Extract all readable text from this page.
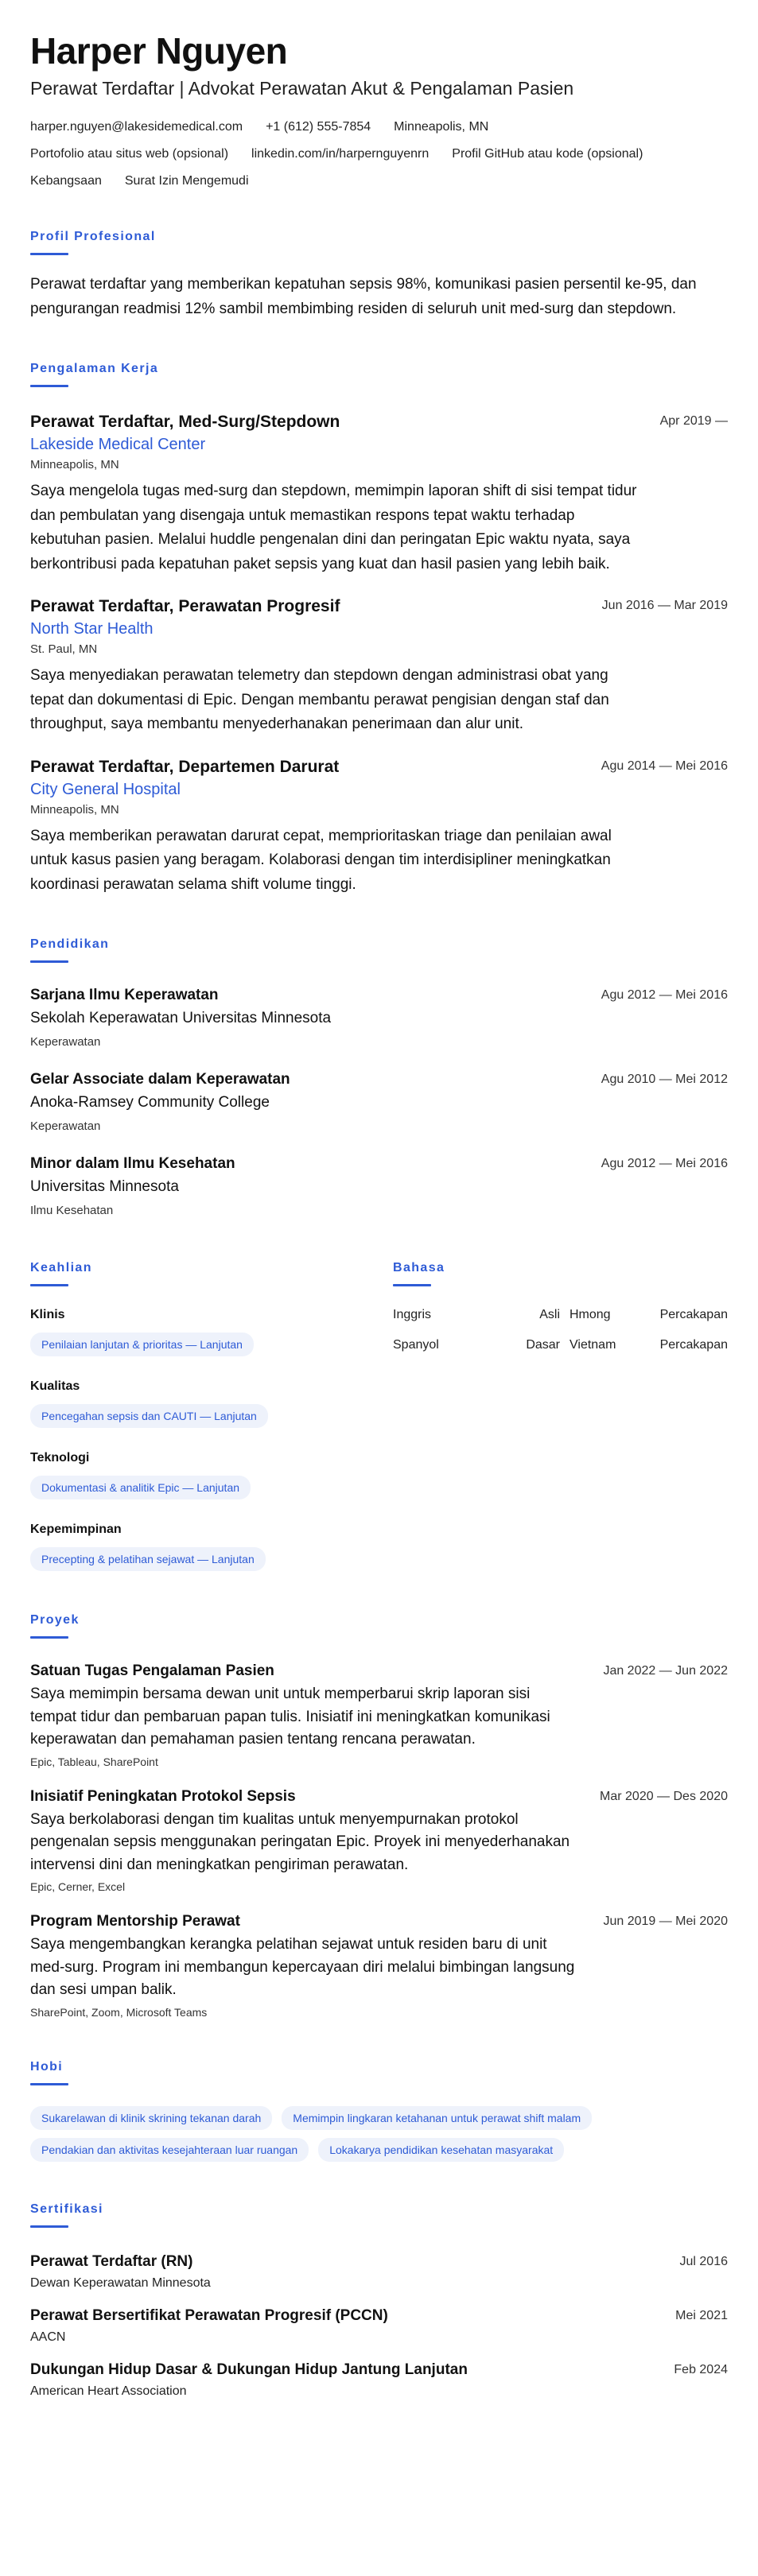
Harper Nguyen
Perawat Terdaftar | Advokat Perawatan Akut & Pengalaman Pasien
harper.nguyen@lakesidemedical.com +1 (612) 555-7854 Minneapolis, MN
Portofolio atau situs web (opsional) linkedin.com/in/harpernguyenrn Profil GitHub atau kode (opsional)
Kebangsaan Surat Izin Mengemudi
Profil Profesional

Perawat terdaftar yang memberikan kepatuhan sepsis 98%, komunikasi pasien persentil ke-95, dan pengurangan readmisi 12% sambil membimbing residen di seluruh unit med-surg dan stepdown.

Pengalaman Kerja
Perawat Terdaftar, Med-Surg/Stepdown	Apr 2019 —
Lakeside Medical Center
Minneapolis, MN

Saya mengelola tugas med-surg dan stepdown, memimpin laporan shift di sisi tempat tidur dan pembulatan yang disengaja untuk memastikan respons tepat waktu terhadap kebutuhan pasien. Melalui huddle pengenalan dini dan peringatan Epic waktu nyata, saya berkontribusi pada kepatuhan paket sepsis yang kuat dan hasil pasien yang lebih baik.

Perawat Terdaftar, Perawatan Progresif	Jun 2016 — Mar 2019
North Star Health
St. Paul, MN

Saya menyediakan perawatan telemetry dan stepdown dengan administrasi obat yang tepat dan dokumentasi di Epic. Dengan membantu perawat pengisian dengan staf dan throughput, saya membantu menyederhanakan penerimaan dan alur unit.

Perawat Terdaftar, Departemen Darurat	Agu 2014 — Mei 2016
City General Hospital
Minneapolis, MN

Saya memberikan perawatan darurat cepat, memprioritaskan triage dan penilaian awal untuk kasus pasien yang beragam. Kolaborasi dengan tim interdisipliner meningkatkan koordinasi perawatan selama shift volume tinggi.

Pendidikan
Sarjana Ilmu Keperawatan	Agu 2012 — Mei 2016
Sekolah Keperawatan Universitas Minnesota
Keperawatan
Gelar Associate dalam Keperawatan	Agu 2010 — Mei 2012
Anoka-Ramsey Community College
Keperawatan
Minor dalam Ilmu Kesehatan	Agu 2012 — Mei 2016
Universitas Minnesota
Ilmu Kesehatan
Keahlian
Klinis
Penilaian lanjutan & prioritas — Lanjutan
Kualitas
Pencegahan sepsis dan CAUTI — Lanjutan
Teknologi
Dokumentasi & analitik Epic — Lanjutan
Kepemimpinan
Precepting & pelatihan sejawat — Lanjutan
Bahasa
Inggris	Asli Hmong	Percakapan
Spanyol	Dasar Vietnam	Percakapan
Proyek
Satuan Tugas Pengalaman Pasien	Jan 2022 — Jun 2022

Saya memimpin bersama dewan unit untuk memperbarui skrip laporan sisi tempat tidur dan pembaruan papan tulis. Inisiatif ini meningkatkan komunikasi keperawatan dan pemahaman pasien tentang rencana perawatan.

Epic, Tableau, SharePoint
Inisiatif Peningkatan Protokol Sepsis	Mar 2020 — Des 2020

Saya berkolaborasi dengan tim kualitas untuk menyempurnakan protokol pengenalan sepsis menggunakan peringatan Epic. Proyek ini menyederhanakan intervensi dini dan meningkatkan pengiriman perawatan.

Epic, Cerner, Excel
Program Mentorship Perawat	Jun 2019 — Mei 2020

Saya mengembangkan kerangka pelatihan sejawat untuk residen baru di unit med-surg. Program ini membangun kepercayaan diri melalui bimbingan langsung dan sesi umpan balik.

SharePoint, Zoom, Microsoft Teams
Hobi
Sukarelawan di klinik skrining tekanan darah	Memimpin lingkaran ketahanan untuk perawat shift malam
Pendakian dan aktivitas kesejahteraan luar ruangan	Lokakarya pendidikan kesehatan masyarakat
Sertifikasi
Perawat Terdaftar (RN)	Jul 2016
Dewan Keperawatan Minnesota
Perawat Bersertifikat Perawatan Progresif (PCCN)	Mei 2021
AACN
Dukungan Hidup Dasar & Dukungan Hidup Jantung Lanjutan	Feb 2024
American Heart Association
